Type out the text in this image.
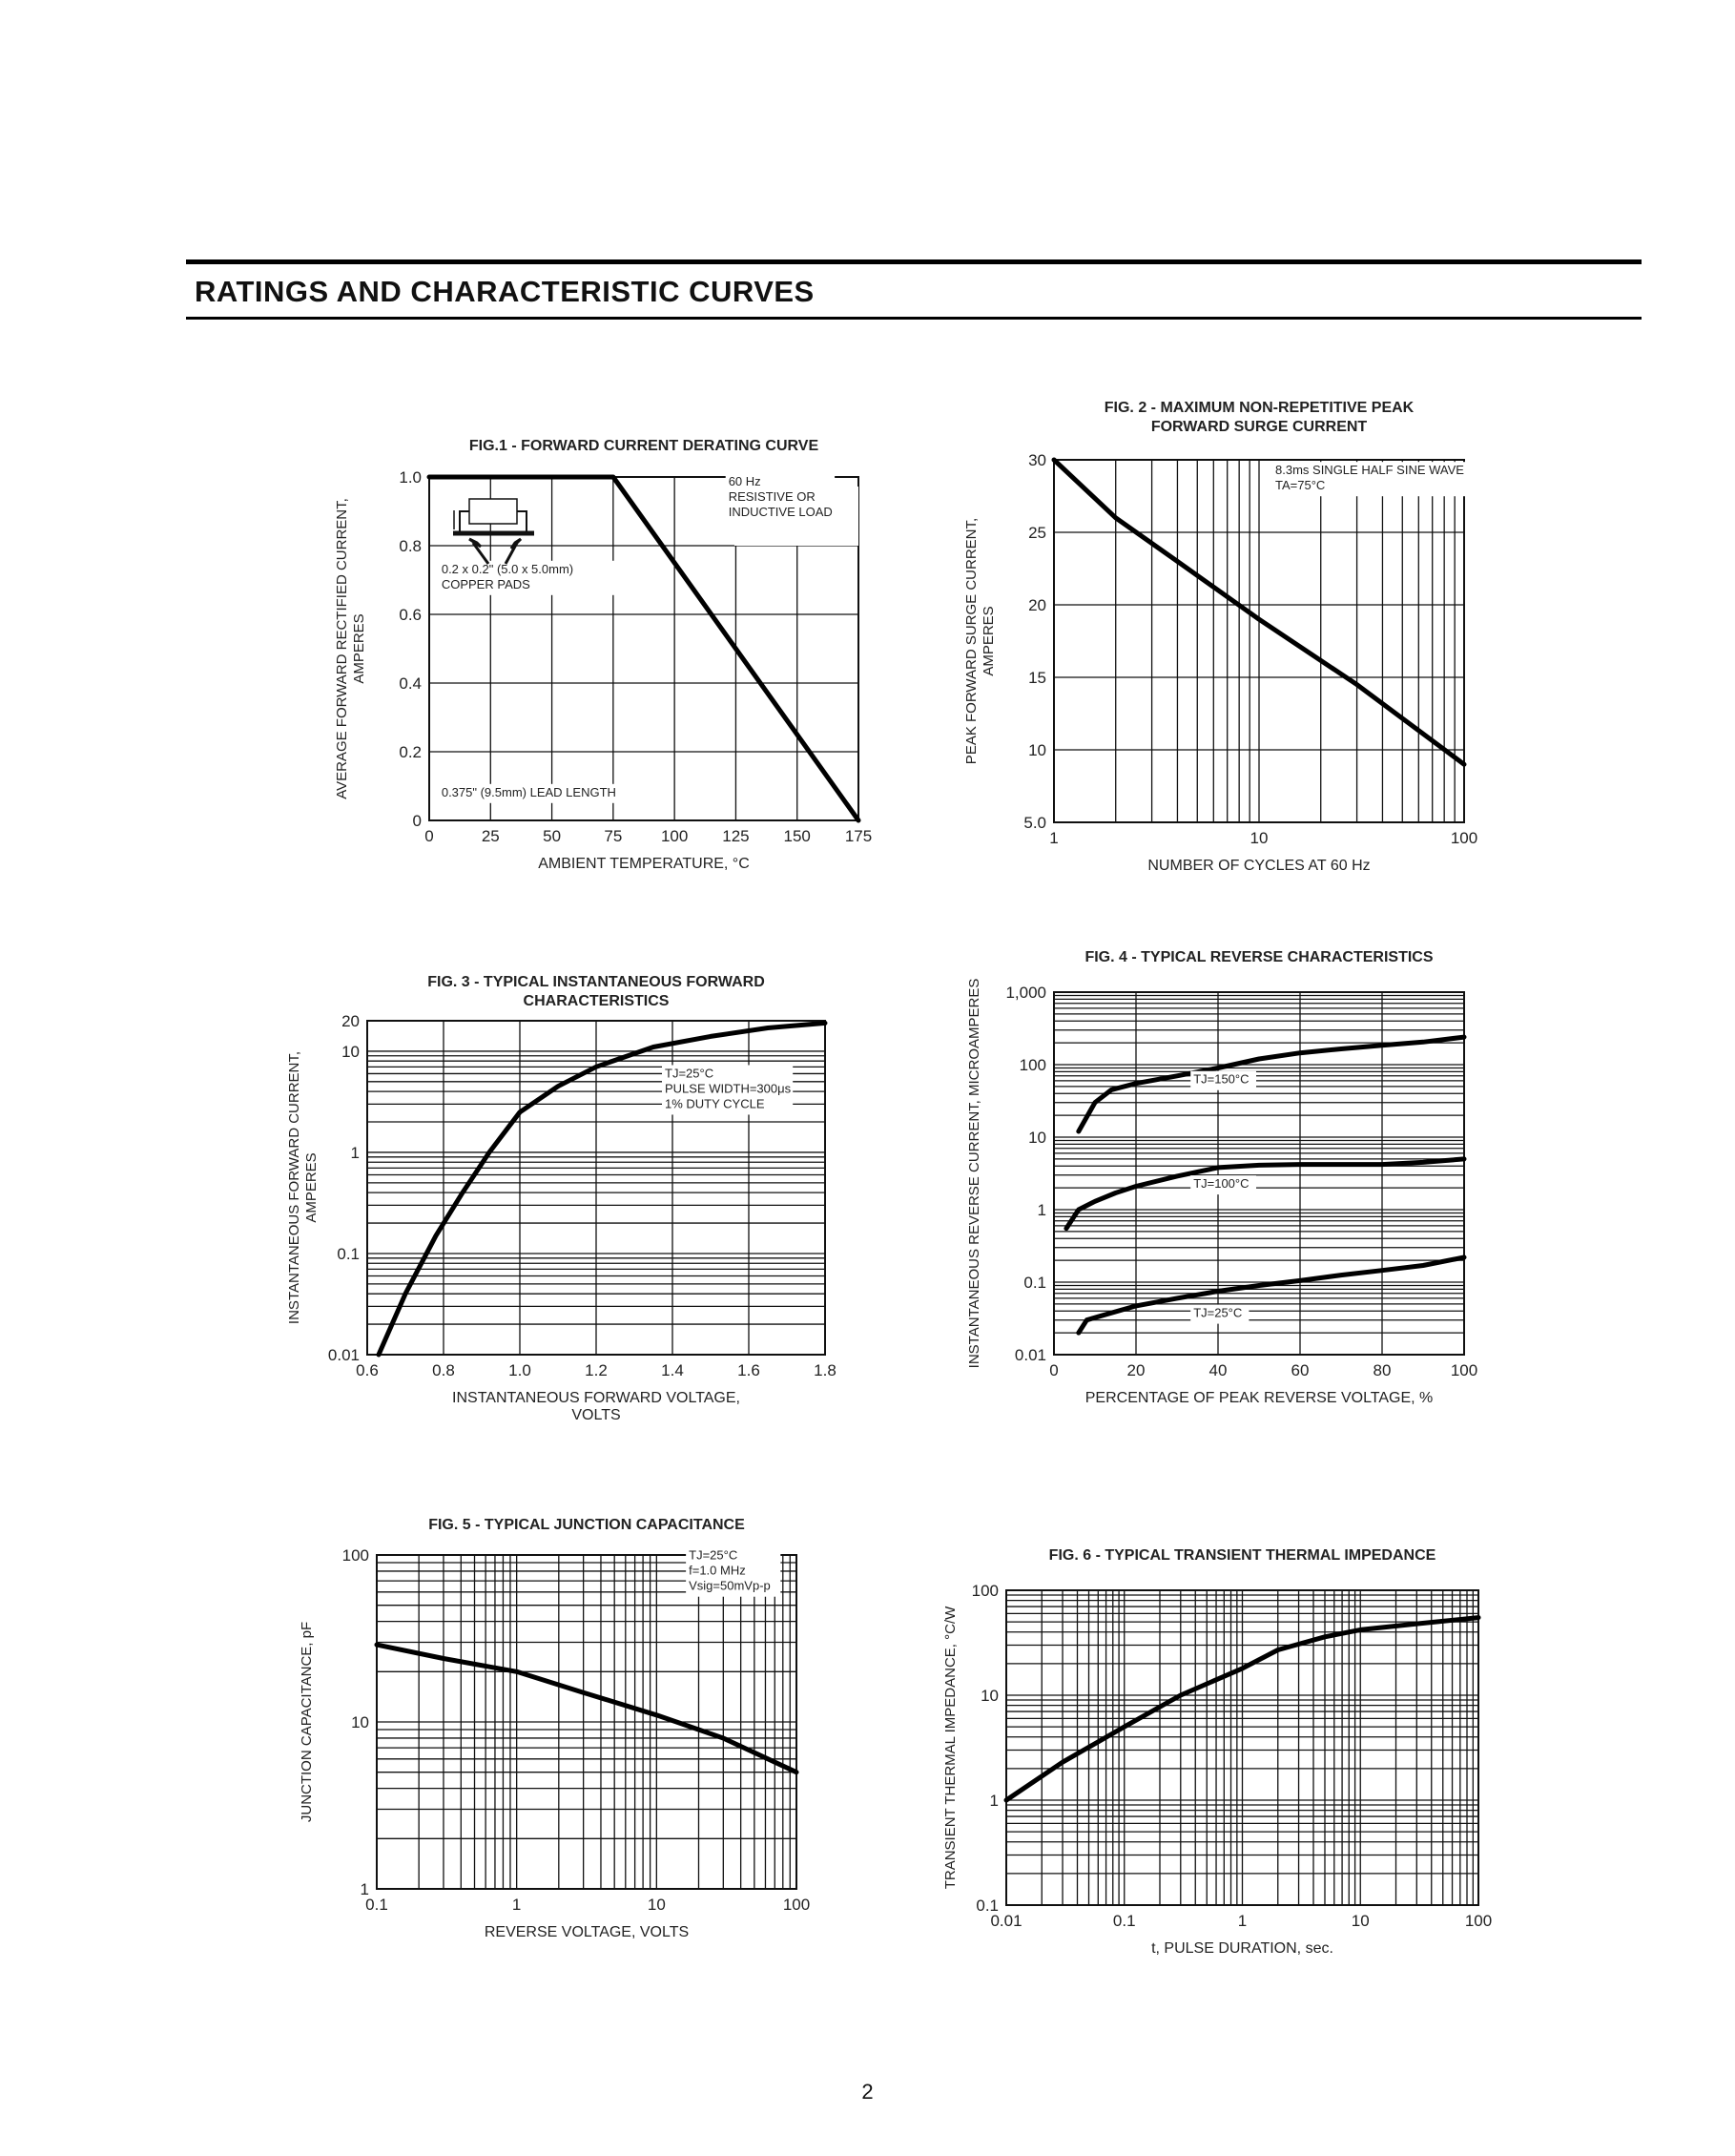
RATINGS AND CHARACTERISTIC CURVES
0	25	50	75 100 125 150 175
0
0.2
0.4
0.6
0.8
1.0	60 Hz
RESISTIVE OR
INDUCTIVE LOAD
0.2 x 0.2" (5.0 x 5.0mm)
COPPER PADS
0.375" (9.5mm) LEAD LENGTH
FIG.1 - FORWARD CURRENT DERATING CURVE
AMBIENT TEMPERATURE, °C
AVERAGE FORWARD RECTIFIED CURRENT, AMPERES
1	10	100
5.0
10
15
20
25
30
8.3ms SINGLE HALF SINE WAVE
TA=75°C
FIG. 2 - MAXIMUM NON-REPETITIVE PEAK
FORWARD SURGE CURRENT
NUMBER OF CYCLES AT 60 Hz
PEAK FORWARD SURGE CURRENT, AMPERES
0.6	0.8	1.0	1.2	1.4	1.6	1.8
0.01
0.1
1
10
20
TJ=25°C
PULSE WIDTH=300μs
1% DUTY CYCLE
FIG. 3 - TYPICAL INSTANTANEOUS FORWARD
CHARACTERISTICS
INSTANTANEOUS FORWARD VOLTAGE,
VOLTS
INSTANTANEOUS FORWARD CURRENT, AMPERES
0	20	40	60	80	100
0.01
0.1
1
10
100
1,000
TJ=150°C
TJ=100°C
TJ=25°C
FIG. 4 - TYPICAL REVERSE CHARACTERISTICS
PERCENTAGE OF PEAK REVERSE VOLTAGE, %
INSTANTANEOUS REVERSE CURRENT, MICROAMPERES
0.1	1	10	100
1
10
100	TJ=25°C
f=1.0 MHz
Vsig=50mVp-p
FIG. 5 - TYPICAL JUNCTION CAPACITANCE
REVERSE VOLTAGE, VOLTS
JUNCTION CAPACITANCE, pF
0.01	0.1	1	10	100
0.1
1
10
100
FIG. 6 - TYPICAL TRANSIENT THERMAL IMPEDANCE
t, PULSE DURATION, sec.
TRANSIENT THERMAL IMPEDANCE, °C/W
2
